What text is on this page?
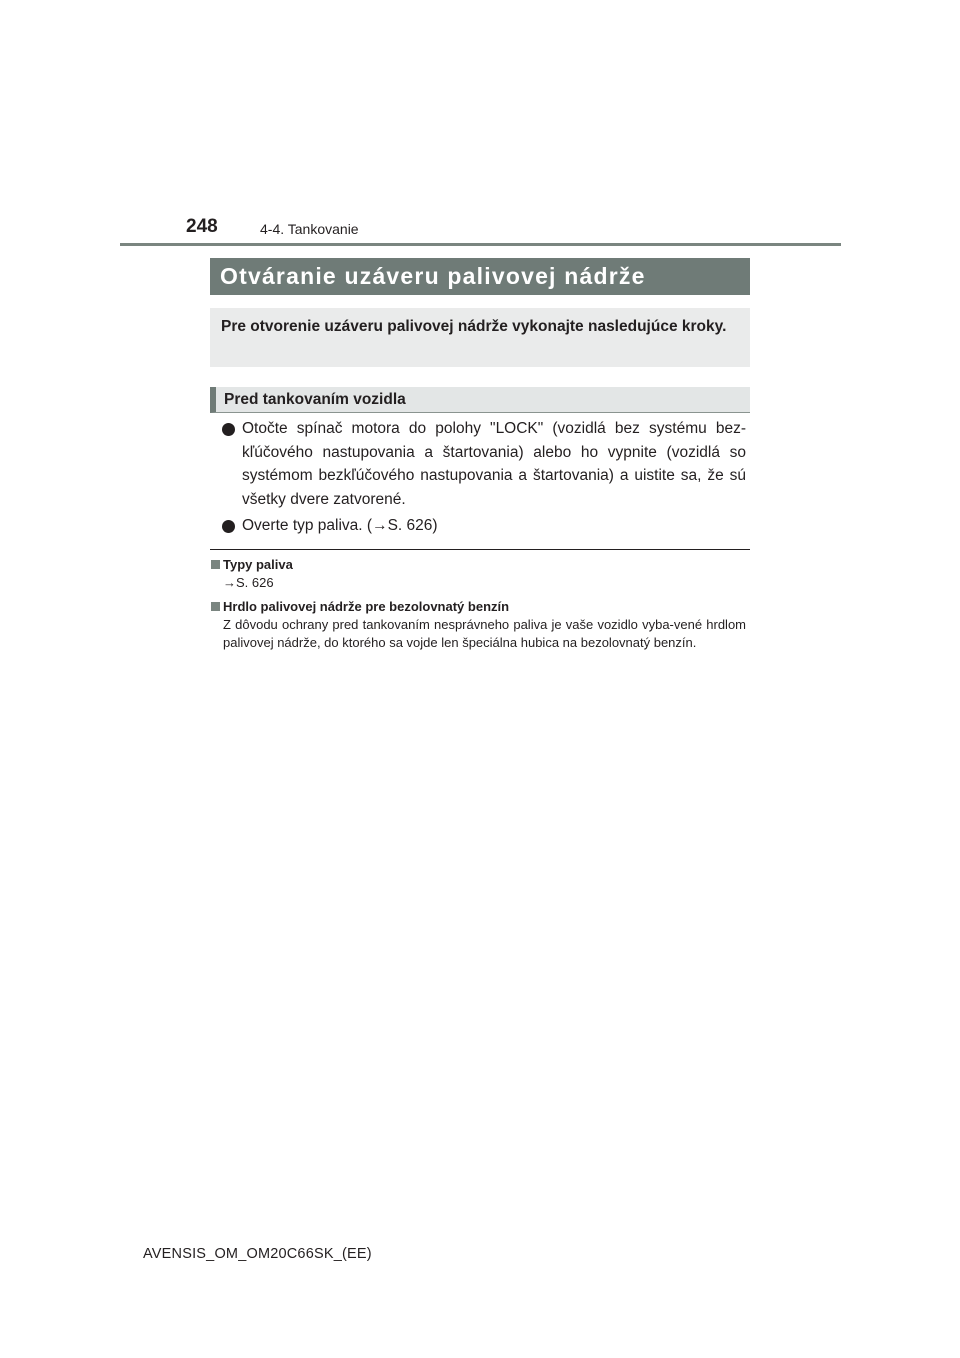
248	4-4. Tankovanie
Otváranie uzáveru palivovej nádrže
Pre otvorenie uzáveru palivovej nádrže vykonajte nasledujúce kroky.
Pred tankovaním vozidla
Otočte spínač motora do polohy "LOCK" (vozidlá bez systému bez-kľúčového nastupovania a štartovania) alebo ho vypnite (vozidlá so systémom bezkľúčového nastupovania a štartovania) a uistite sa, že sú všetky dvere zatvorené.
Overte typ paliva. (→S. 626)
Typy paliva
→S. 626
Hrdlo palivovej nádrže pre bezolovnatý benzín
Z dôvodu ochrany pred tankovaním nesprávneho paliva je vaše vozidlo vyba-vené hrdlom palivovej nádrže, do ktorého sa vojde len špeciálna hubica na bezolovnatý benzín.
AVENSIS_OM_OM20C66SK_(EE)
